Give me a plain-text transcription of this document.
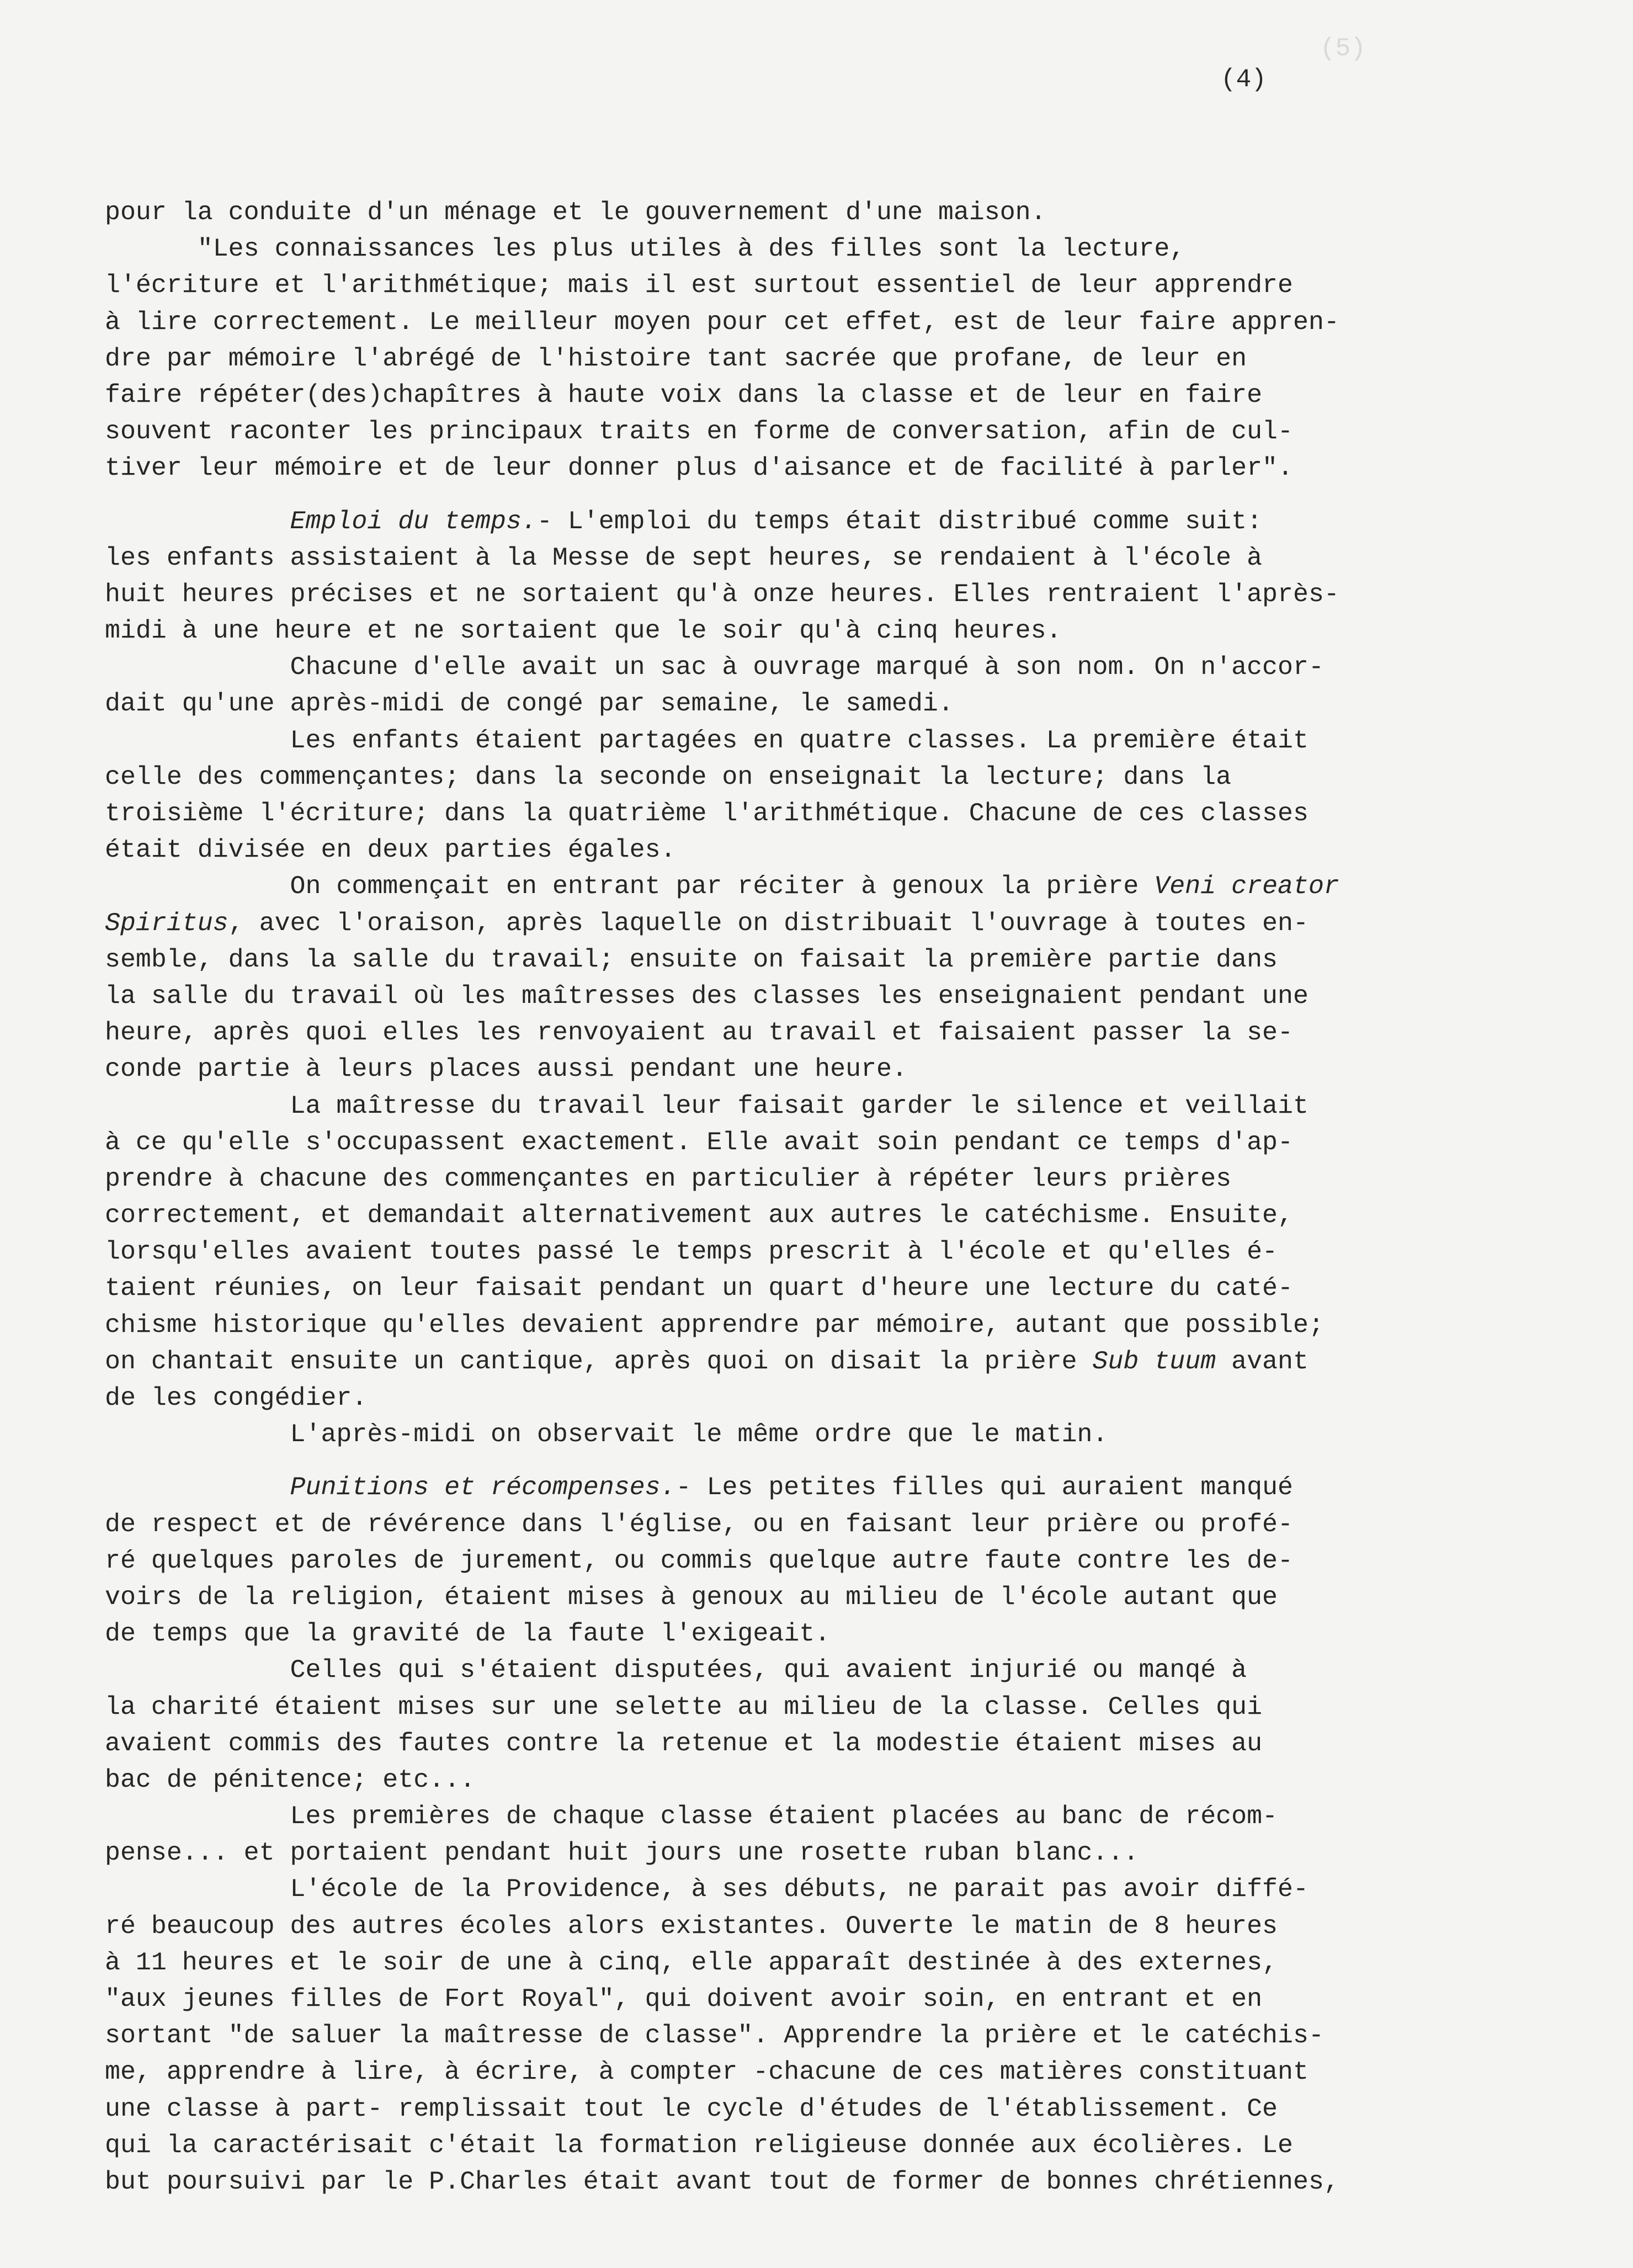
(5)
(4)
pour la conduite d'un ménage et le gouvernement d'une maison.
"Les connaissances les plus utiles à des filles sont la lecture,
l'écriture et l'arithmétique; mais il est surtout essentiel de leur apprendre
à lire correctement. Le meilleur moyen pour cet effet, est de leur faire appren-
dre par mémoire l'abrégé de l'histoire tant sacrée que profane, de leur en
faire répéter(des)chapîtres à haute voix dans la classe et de leur en faire
souvent raconter les principaux traits en forme de conversation, afin de cul-
tiver leur mémoire et de leur donner plus d'aisance et de facilité à parler".
Emploi du temps.- L'emploi du temps était distribué comme suit:
les enfants assistaient à la Messe de sept heures, se rendaient à l'école à
huit heures précises et ne sortaient qu'à onze heures. Elles rentraient l'après-
midi à une heure et ne sortaient que le soir qu'à cinq heures.
Chacune d'elle avait un sac à ouvrage marqué à son nom. On n'accor-
dait qu'une après-midi de congé par semaine, le samedi.
Les enfants étaient partagées en quatre classes. La première était
celle des commençantes; dans la seconde on enseignait la lecture; dans la
troisième l'écriture; dans la quatrième l'arithmétique. Chacune de ces classes
était divisée en deux parties égales.
On commençait en entrant par réciter à genoux la prière Veni creator
Spiritus, avec l'oraison, après laquelle on distribuait l'ouvrage à toutes en-
semble, dans la salle du travail; ensuite on faisait la première partie dans
la salle du travail où les maîtresses des classes les enseignaient pendant une
heure, après quoi elles les renvoyaient au travail et faisaient passer la se-
conde partie à leurs places aussi pendant une heure.
La maîtresse du travail leur faisait garder le silence et veillait
à ce qu'elle s'occupassent exactement. Elle avait soin pendant ce temps d'ap-
prendre à chacune des commençantes en particulier à répéter leurs prières
correctement, et demandait alternativement aux autres le catéchisme. Ensuite,
lorsqu'elles avaient toutes passé le temps prescrit à l'école et qu'elles é-
taient réunies, on leur faisait pendant un quart d'heure une lecture du caté-
chisme historique qu'elles devaient apprendre par mémoire, autant que possible;
on chantait ensuite un cantique, après quoi on disait la prière Sub tuum avant
de les congédier.
L'après-midi on observait le même ordre que le matin.
Punitions et récompenses.- Les petites filles qui auraient manqué
de respect et de révérence dans l'église, ou en faisant leur prière ou profé-
ré quelques paroles de jurement, ou commis quelque autre faute contre les de-
voirs de la religion, étaient mises à genoux au milieu de l'école autant que
de temps que la gravité de la faute l'exigeait.
Celles qui s'étaient disputées, qui avaient injurié ou manqé à
la charité étaient mises sur une selette au milieu de la classe. Celles qui
avaient commis des fautes contre la retenue et la modestie étaient mises au
bac de pénitence; etc...
Les premières de chaque classe étaient placées au banc de récom-
pense... et portaient pendant huit jours une rosette ruban blanc...
L'école de la Providence, à ses débuts, ne parait pas avoir diffé-
ré beaucoup des autres écoles alors existantes. Ouverte le matin de 8 heures
à 11 heures et le soir de une à cinq, elle apparaît destinée à des externes,
"aux jeunes filles de Fort Royal", qui doivent avoir soin, en entrant et en
sortant "de saluer la maîtresse de classe". Apprendre la prière et le catéchis-
me, apprendre à lire, à écrire, à compter -chacune de ces matières constituant
une classe à part- remplissait tout le cycle d'études de l'établissement. Ce
qui la caractérisait c'était la formation religieuse donnée aux écolières. Le
but poursuivi par le P.Charles était avant tout de former de bonnes chrétiennes,
